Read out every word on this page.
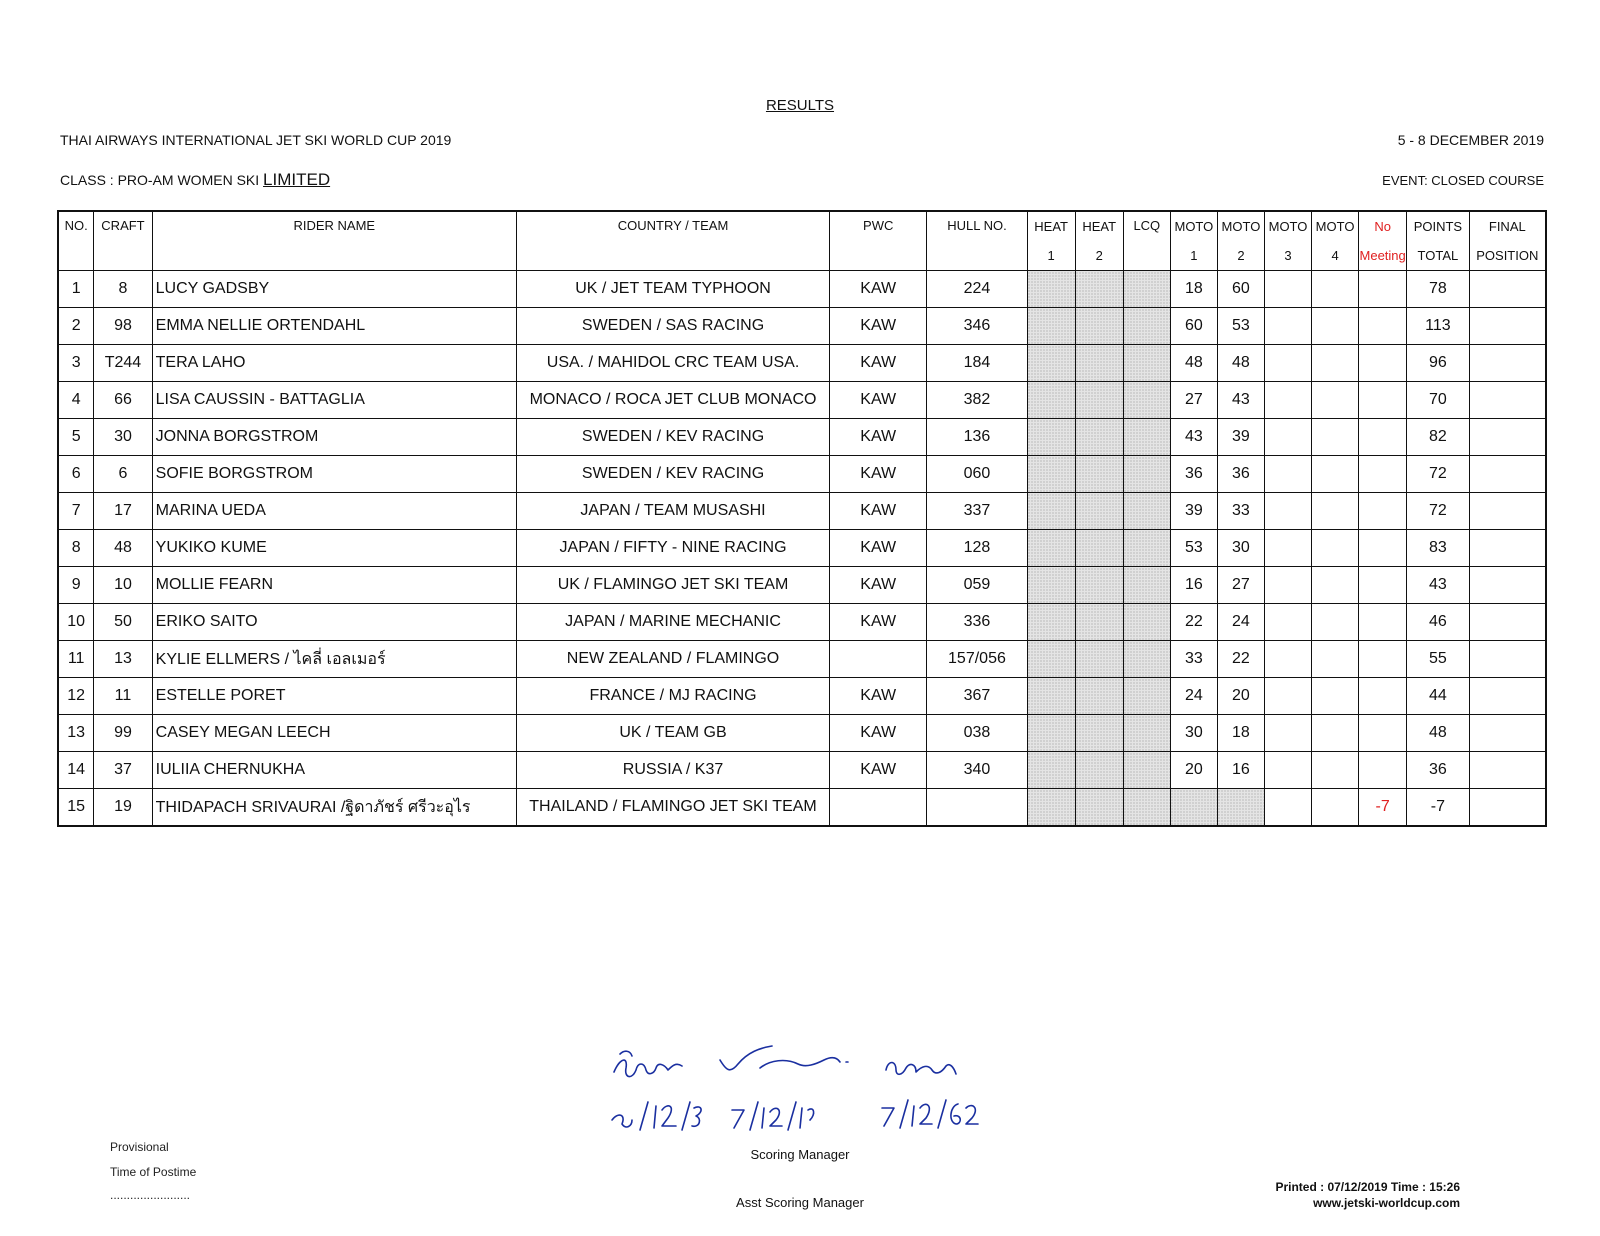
RESULTS
THAI AIRWAYS INTERNATIONAL JET SKI WORLD CUP 2019	5 - 8 DECEMBER 2019
CLASS : PRO-AM WOMEN SKI LIMITED	EVENT: CLOSED COURSE
NO.	CRAFT	RIDER NAME	COUNTRY / TEAM	PWC	HULL NO.	HEAT	HEAT	LCQ	MOTO	MOTO	MOTO	MOTO	No	POINTS	FINAL
						1	2		1	2	3	4	Meeting	TOTAL	POSITION
1	8	LUCY GADSBY	UK / JET TEAM TYPHOON	KAW	224				18	60				78	
2	98	EMMA NELLIE ORTENDAHL	SWEDEN / SAS RACING	KAW	346				60	53				113	
3	T244	TERA LAHO	USA. / MAHIDOL CRC TEAM USA.	KAW	184				48	48				96	
4	66	LISA CAUSSIN - BATTAGLIA	MONACO / ROCA JET CLUB MONACO	KAW	382				27	43				70	
5	30	JONNA BORGSTROM	SWEDEN / KEV RACING	KAW	136				43	39				82	
6	6	SOFIE BORGSTROM	SWEDEN / KEV RACING	KAW	060				36	36				72	
7	17	MARINA UEDA	JAPAN / TEAM MUSASHI	KAW	337				39	33				72	
8	48	YUKIKO KUME	JAPAN / FIFTY - NINE RACING	KAW	128				53	30				83	
9	10	MOLLIE FEARN	UK / FLAMINGO JET SKI TEAM	KAW	059				16	27				43	
10	50	ERIKO SAITO	JAPAN / MARINE MECHANIC	KAW	336				22	24				46	
11	13	KYLIE ELLMERS / ไคลี่ เอลเมอร์	NEW ZEALAND / FLAMINGO		157/056				33	22				55	
12	11	ESTELLE PORET	FRANCE / MJ RACING	KAW	367				24	20				44	
13	99	CASEY MEGAN LEECH	UK / TEAM GB	KAW	038				30	18				48	
14	37	IULIIA CHERNUKHA	RUSSIA / K37	KAW	340				20	16				36	
15	19	THIDAPACH SRIVAURAI /ฐิดาภัชร์ ศรีวะอุไร	THAILAND / FLAMINGO JET SKI TEAM										-7	-7	
Provisional
Time of Postime
........................
Scoring Manager
Asst Scoring Manager
Printed : 07/12/2019 Time : 15:26
www.jetski-worldcup.com
